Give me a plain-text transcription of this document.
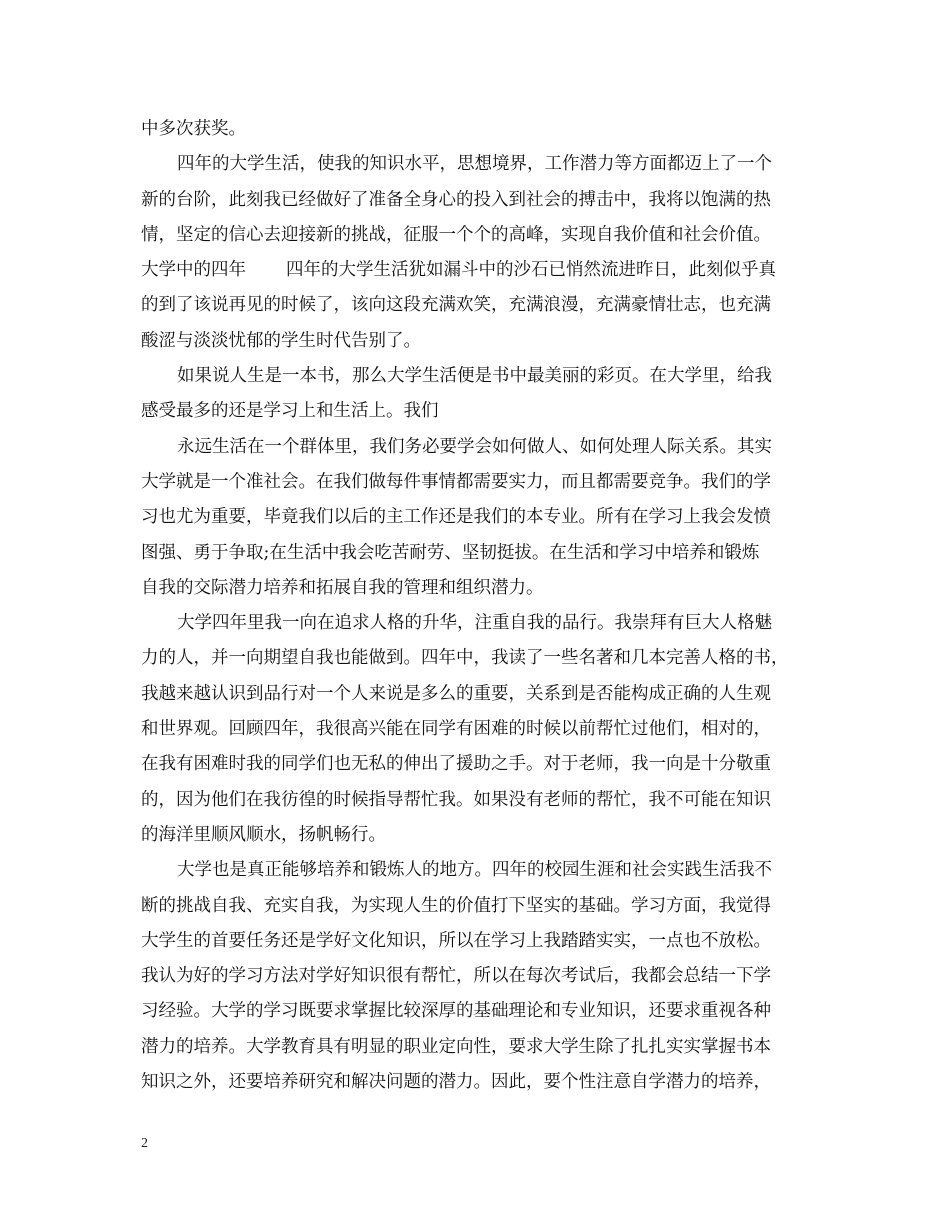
中多次获奖。
四年的大学生活，使我的知识水平，思想境界，工作潜力等方面都迈上了一个
新的台阶，此刻我已经做好了准备全身心的投入到社会的搏击中，我将以饱满的热
情，坚定的信心去迎接新的挑战，征服一个个的高峰，实现自我价值和社会价值。
大学中的四年 四年的大学生活犹如漏斗中的沙石已悄然流进昨日，此刻似乎真
的到了该说再见的时候了，该向这段充满欢笑，充满浪漫，充满豪情壮志，也充满
酸涩与淡淡忧郁的学生时代告别了。
如果说人生是一本书，那么大学生活便是书中最美丽的彩页。在大学里，给我
感受最多的还是学习上和生活上。我们
永远生活在一个群体里，我们务必要学会如何做人、如何处理人际关系。其实
大学就是一个准社会。在我们做每件事情都需要实力，而且都需要竞争。我们的学
习也尤为重要，毕竟我们以后的主工作还是我们的本专业。所有在学习上我会发愤
图强、勇于争取;在生活中我会吃苦耐劳、坚韧挺拔。在生活和学习中培养和锻炼
自我的交际潜力培养和拓展自我的管理和组织潜力。
大学四年里我一向在追求人格的升华，注重自我的品行。我崇拜有巨大人格魅
力的人，并一向期望自我也能做到。四年中，我读了一些名著和几本完善人格的书，
我越来越认识到品行对一个人来说是多么的重要，关系到是否能构成正确的人生观
和世界观。回顾四年，我很高兴能在同学有困难的时候以前帮忙过他们，相对的，
在我有困难时我的同学们也无私的伸出了援助之手。对于老师，我一向是十分敬重
的，因为他们在我彷徨的时候指导帮忙我。如果没有老师的帮忙，我不可能在知识
的海洋里顺风顺水，扬帆畅行。
大学也是真正能够培养和锻炼人的地方。四年的校园生涯和社会实践生活我不
断的挑战自我、充实自我，为实现人生的价值打下坚实的基础。学习方面，我觉得
大学生的首要任务还是学好文化知识，所以在学习上我踏踏实实，一点也不放松。
我认为好的学习方法对学好知识很有帮忙，所以在每次考试后，我都会总结一下学
习经验。大学的学习既要求掌握比较深厚的基础理论和专业知识，还要求重视各种
潜力的培养。大学教育具有明显的职业定向性，要求大学生除了扎扎实实掌握书本
知识之外，还要培养研究和解决问题的潜力。因此，要个性注意自学潜力的培养，
2
